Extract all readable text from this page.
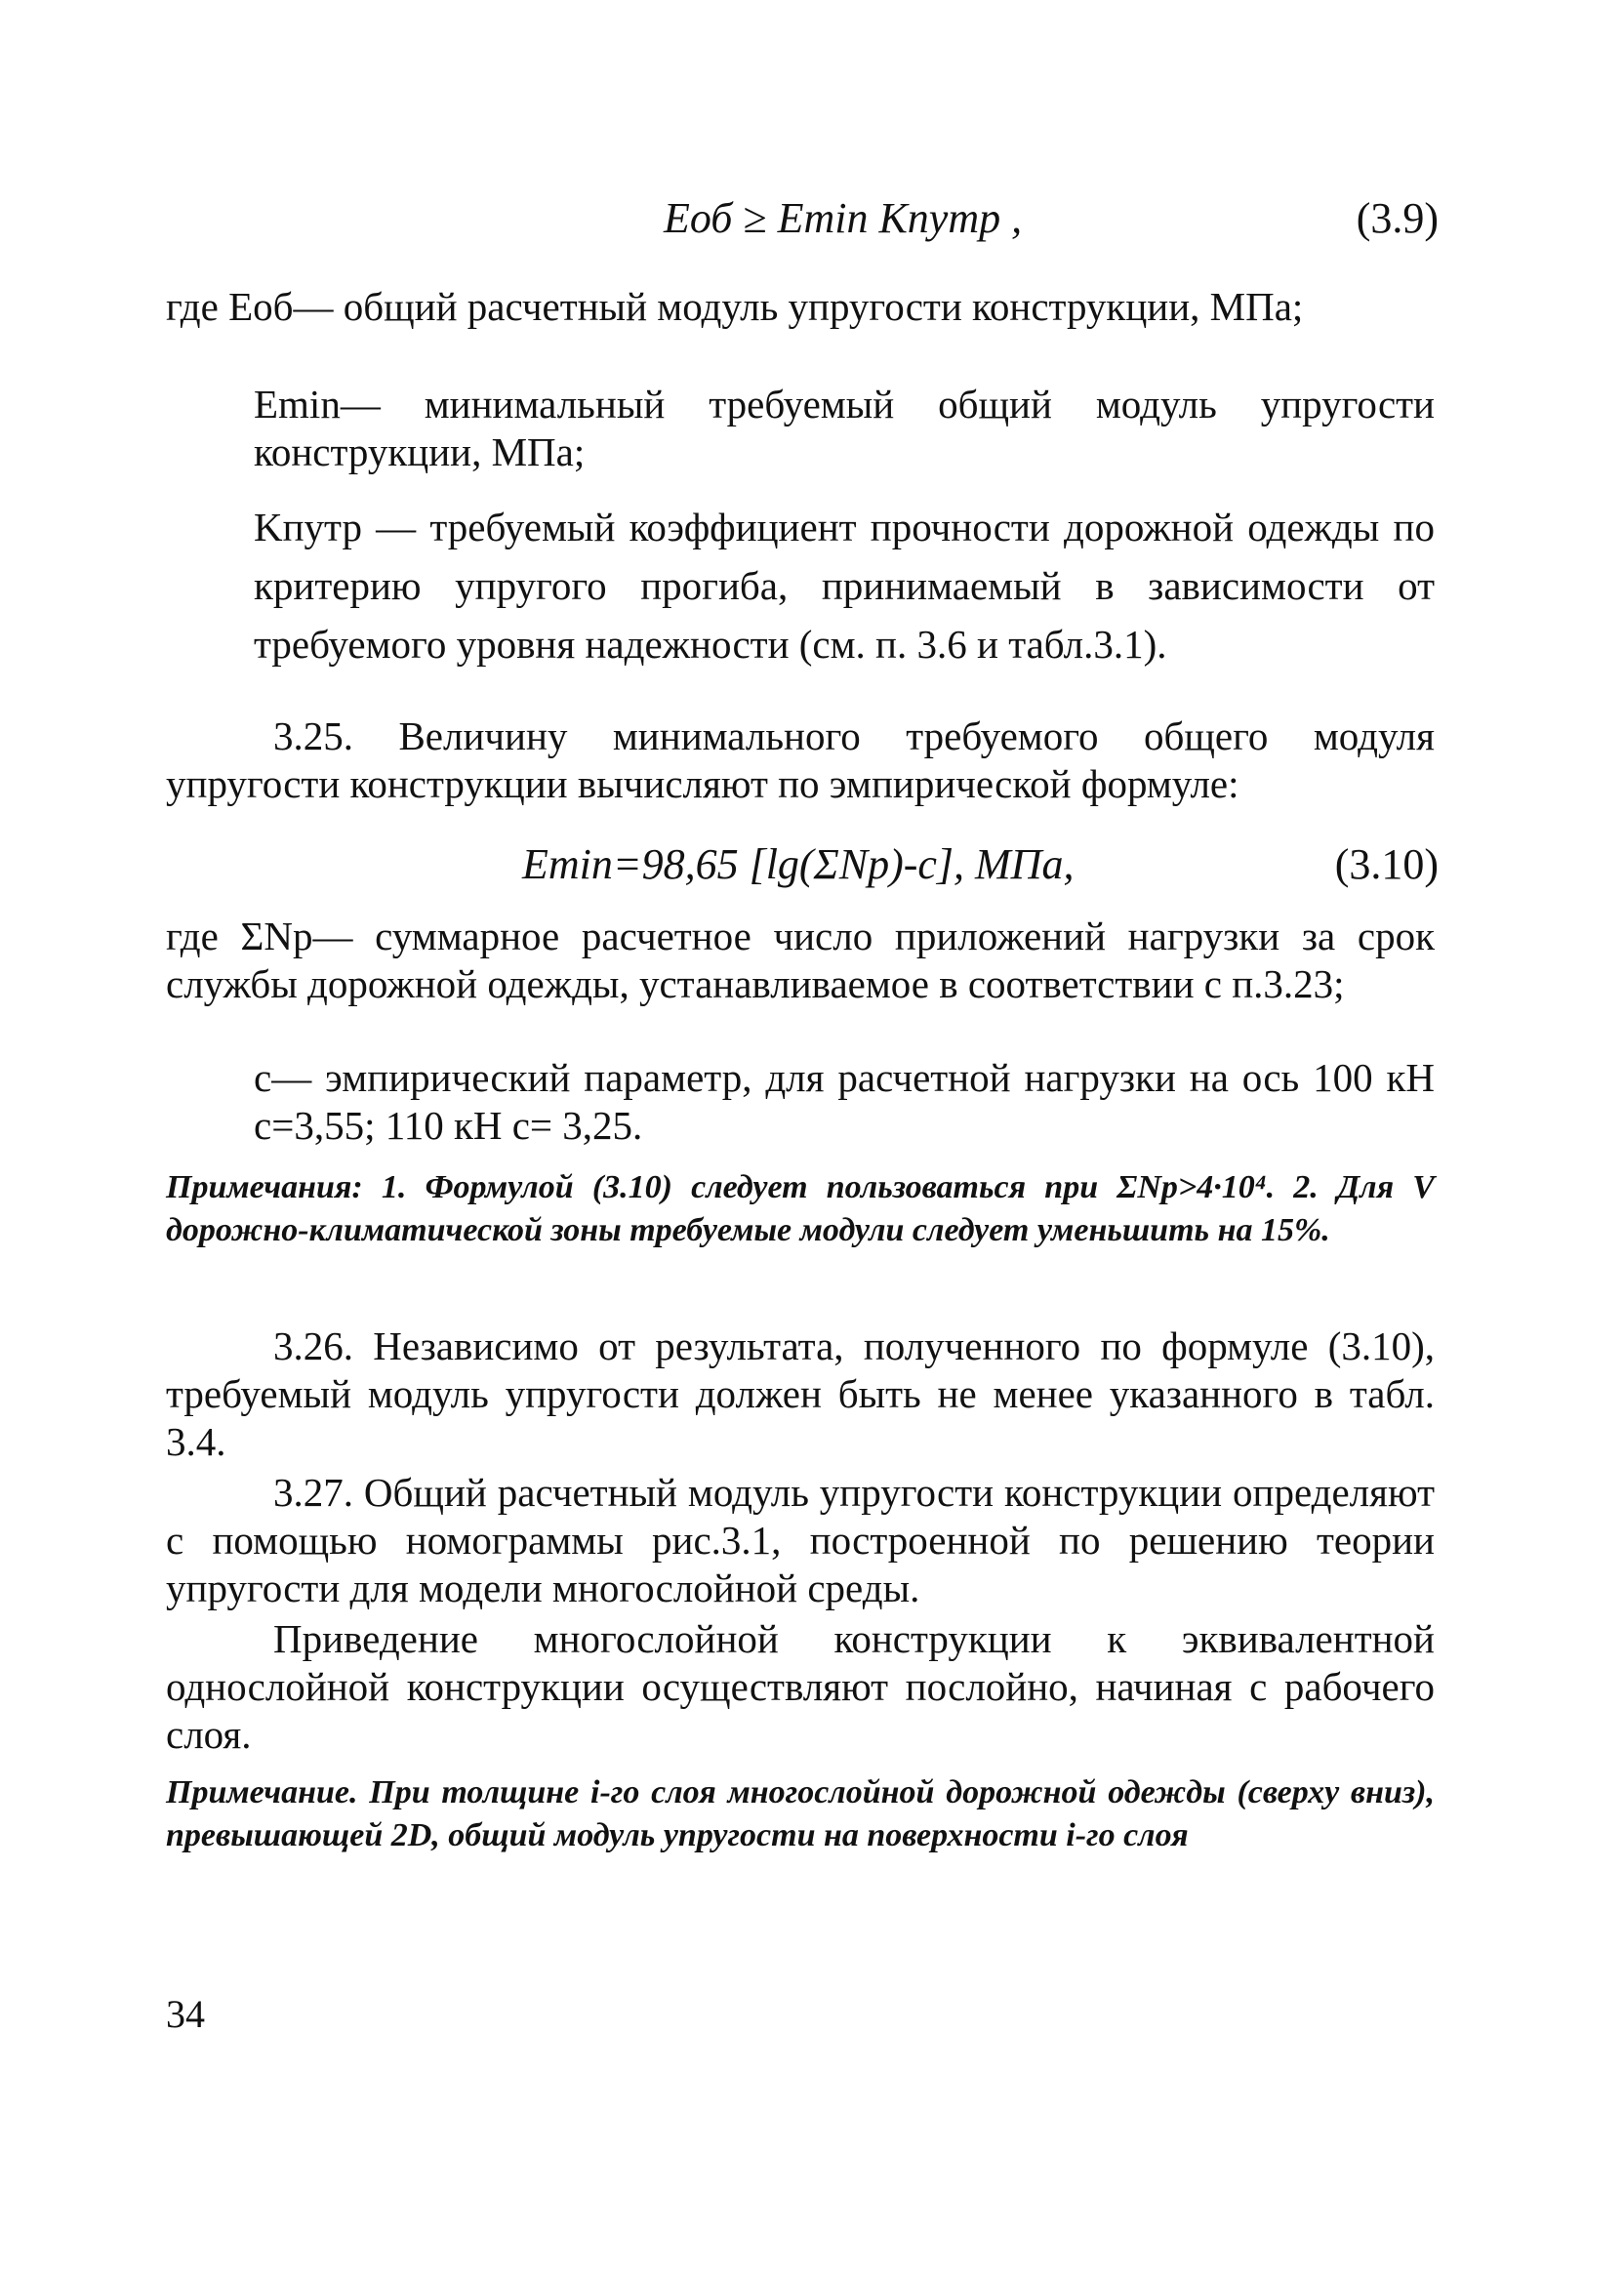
Eоб ≥ Emin Kпутр ,	(3.9)
где Eоб— общий расчетный модуль упругости конструкции, МПа;
Emin— минимальный требуемый общий модуль упругости конструкции, МПа;
Kпутр — требуемый коэффициент прочности дорожной одежды по критерию упругого прогиба, принимаемый в зависимости от требуемого уровня надежности (см. п. 3.6 и табл.3.1).
3.25. Величину минимального требуемого общего модуля упругости конструкции вычисляют по эмпирической формуле:
Emin=98,65 [lg(ΣNр)-с], МПа,	(3.10)
где ΣNр— суммарное расчетное число приложений нагрузки за срок службы дорожной одежды, устанавливаемое в соответствии с п.3.23;
с— эмпирический параметр, для расчетной нагрузки на ось 100 кН с=3,55; 110 кН с= 3,25.
Примечания: 1. Формулой (3.10) следует пользоваться при ΣNр>4·10⁴. 2. Для V дорожно-климатической зоны требуемые модули следует уменьшить на 15%.
3.26. Независимо от результата, полученного по формуле (3.10), требуемый модуль упругости должен быть не менее указанного в табл. 3.4.
3.27. Общий расчетный модуль упругости конструкции определяют с помощью номограммы рис.3.1, построенной по решению теории упругости для модели многослойной среды.
Приведение многослойной конструкции к эквивалентной однослойной конструкции осуществляют послойно, начиная с рабочего слоя.
Примечание. При толщине i-го слоя многослойной дорожной одежды (сверху вниз), превышающей 2D, общий модуль упругости на поверхности i-го слоя
34
